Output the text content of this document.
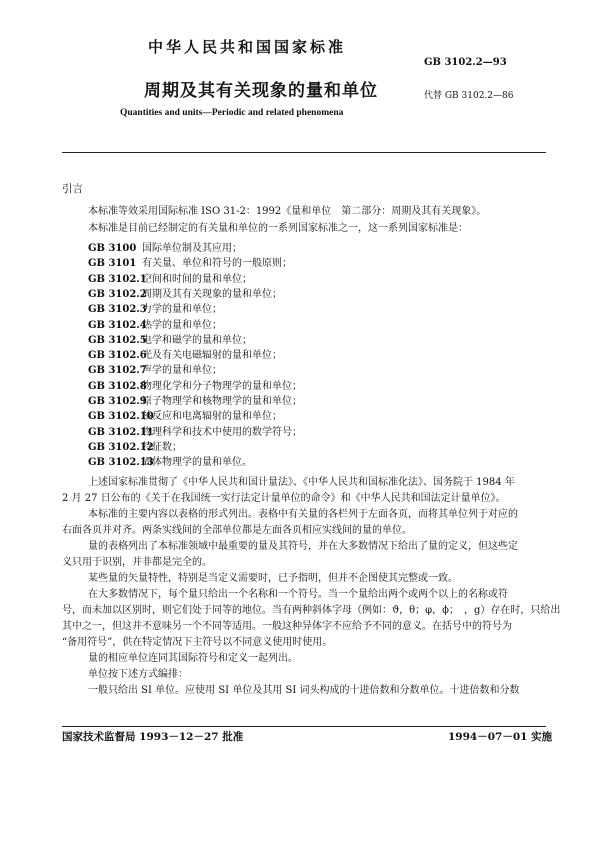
中华人民共和国国家标准
GB 3102.2—93
周期及其有关现象的量和单位	代替 GB 3102.2—86
Quantities and units—Periodic and related phenomena
引言
本标准等效采用国际标准 ISO 31-2：1992《量和单位　第二部分：周期及其有关现象》。
本标准是目前已经制定的有关量和单位的一系列国家标准之一，这一系列国家标准是：
GB 3100 国际单位制及其应用；
GB 3101 有关量、单位和符号的一般原则；
GB 3102.1空间和时间的量和单位；
GB 3102.2周期及其有关现象的量和单位；
GB 3102.3力学的量和单位；
GB 3102.4热学的量和单位；
GB 3102.5电学和磁学的量和单位；
GB 3102.6光及有关电磁辐射的量和单位；
GB 3102.7声学的量和单位；
GB 3102.8物理化学和分子物理学的量和单位；
GB 3102.9原子物理学和核物理学的量和单位；
GB 3102.10核反应和电离辐射的量和单位；
GB 3102.11物理科学和技术中使用的数学符号；
GB 3102.12特征数；
GB 3102.13固体物理学的量和单位。
上述国家标准贯彻了《中华人民共和国计量法》、《中华人民共和国标准化法》、国务院于 1984 年
2 月 27 日公布的《关于在我国统一实行法定计量单位的命令》和《中华人民共和国法定计量单位》。
本标准的主要内容以表格的形式列出。表格中有关量的各栏列于左面各页，而将其单位列于对应的
右面各页并对齐。两条实线间的全部单位都是左面各页相应实线间的量的单位。
量的表格列出了本标准领域中最重要的量及其符号，并在大多数情况下给出了量的定义，但这些定
义只用于识别，并非都是完全的。
某些量的矢量特性，特别是当定义需要时，已予指明，但并不企图使其完整或一致。
在大多数情况下，每个量只给出一个名称和一个符号。当一个量给出两个或两个以上的名称或符
号，而未加以区别时，则它们处于同等的地位。当有两种斜体字母（例如：ϑ，θ；φ，ϕ；　，g）存在时，只给出
其中之一，但这并不意味另一个不同等适用。一般这种异体字不应给予不同的意义。在括号中的符号为
“备用符号”，供在特定情况下主符号以不同意义使用时使用。
量的相应单位连同其国际符号和定义一起列出。
单位按下述方式编排：
一般只给出 SI 单位。应使用 SI 单位及其用 SI 词头构成的十进倍数和分数单位。十进倍数和分数
国家技术监督局 1993－12－27 批准	1994－07－01 实施
